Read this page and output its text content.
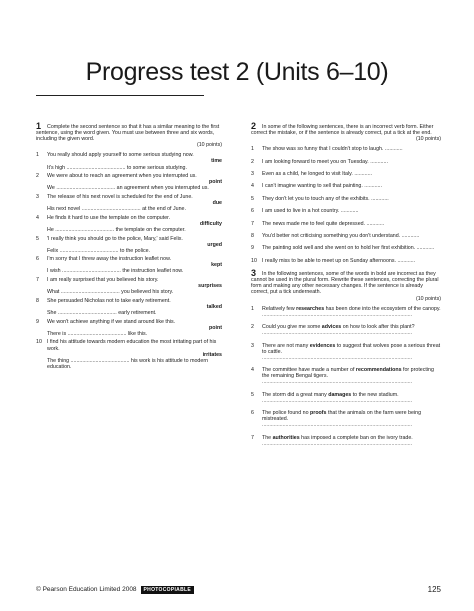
Progress test 2 (Units 6–10)
1 Complete the second sentence so that it has a similar meaning to the first sentence, using the word given. You must use between three and six words, including the given word.
(10 points)
1 You really should apply yourself to some serious studying now.
time
It's high ........................................ to some serious studying.
2 We were about to reach an agreement when you interrupted us.
point
We ........................................ an agreement when you interrupted us.
3 The release of his next novel is scheduled for the end of June.
due
His next novel ........................................ at the end of June.
4 He finds it hard to use the template on the computer.
difficulty
He ........................................ the template on the computer.
5 'I really think you should go to the police, Mary,' said Felix.
urged
Felix ........................................ to the police.
6 I'm sorry that I threw away the instruction leaflet now.
kept
I wish ........................................ the instruction leaflet now.
7 I am really surprised that you believed his story.
surprises
What ........................................ you believed his story.
8 She persuaded Nicholas not to take early retirement.
talked
She ........................................ early retirement.
9 We won't achieve anything if we stand around like this.
point
There is ........................................ like this.
10 I find his attitude towards modern education the most irritating part of his work.
irritates
The thing ........................................ his work is his attitude to modern education.
2 In some of the following sentences, there is an incorrect verb form. Either correct the mistake, or if the sentence is already correct, put a tick at the end.
(10 points)
1 The show was so funny that I couldn't stop to laugh. ............
2 I am looking forward to meet you on Tuesday. ............
3 Even as a child, he longed to visit Italy. ............
4 I can't imagine wanting to sell that painting. ............
5 They don't let you to touch any of the exhibits. ............
6 I am used to live in a hot country. ............
7 The news made me to feel quite depressed. ............
8 You'd better not criticising something you don't understand. ............
9 The painting sold well and she went on to hold her first exhibition. ............
10 I really miss to be able to meet up on Sunday afternoons. ............
3 In the following sentences, some of the words in bold are incorrect as they cannot be used in the plural form. Rewrite these sentences, correcting the plural form and making any other necessary changes. If the sentence is already correct, put a tick underneath.
(10 points)
1 Relatively few researches has been done into the ecosystem of the canopy.
......................................................................................................
2 Could you give me some advices on how to look after this plant?
......................................................................................................
3 There are not many evidences to suggest that wolves pose a serious threat to cattle.
......................................................................................................
4 The committee have made a number of recommendations for protecting the remaining Bengal tigers.
......................................................................................................
5 The storm did a great many damages to the new stadium.
......................................................................................................
6 The police found no proofs that the animals on the farm were being mistreated.
......................................................................................................
7 The authorities has imposed a complete ban on the ivory trade.
......................................................................................................
© Pearson Education Limited 2008	PHOTOCOPIABLE	125
